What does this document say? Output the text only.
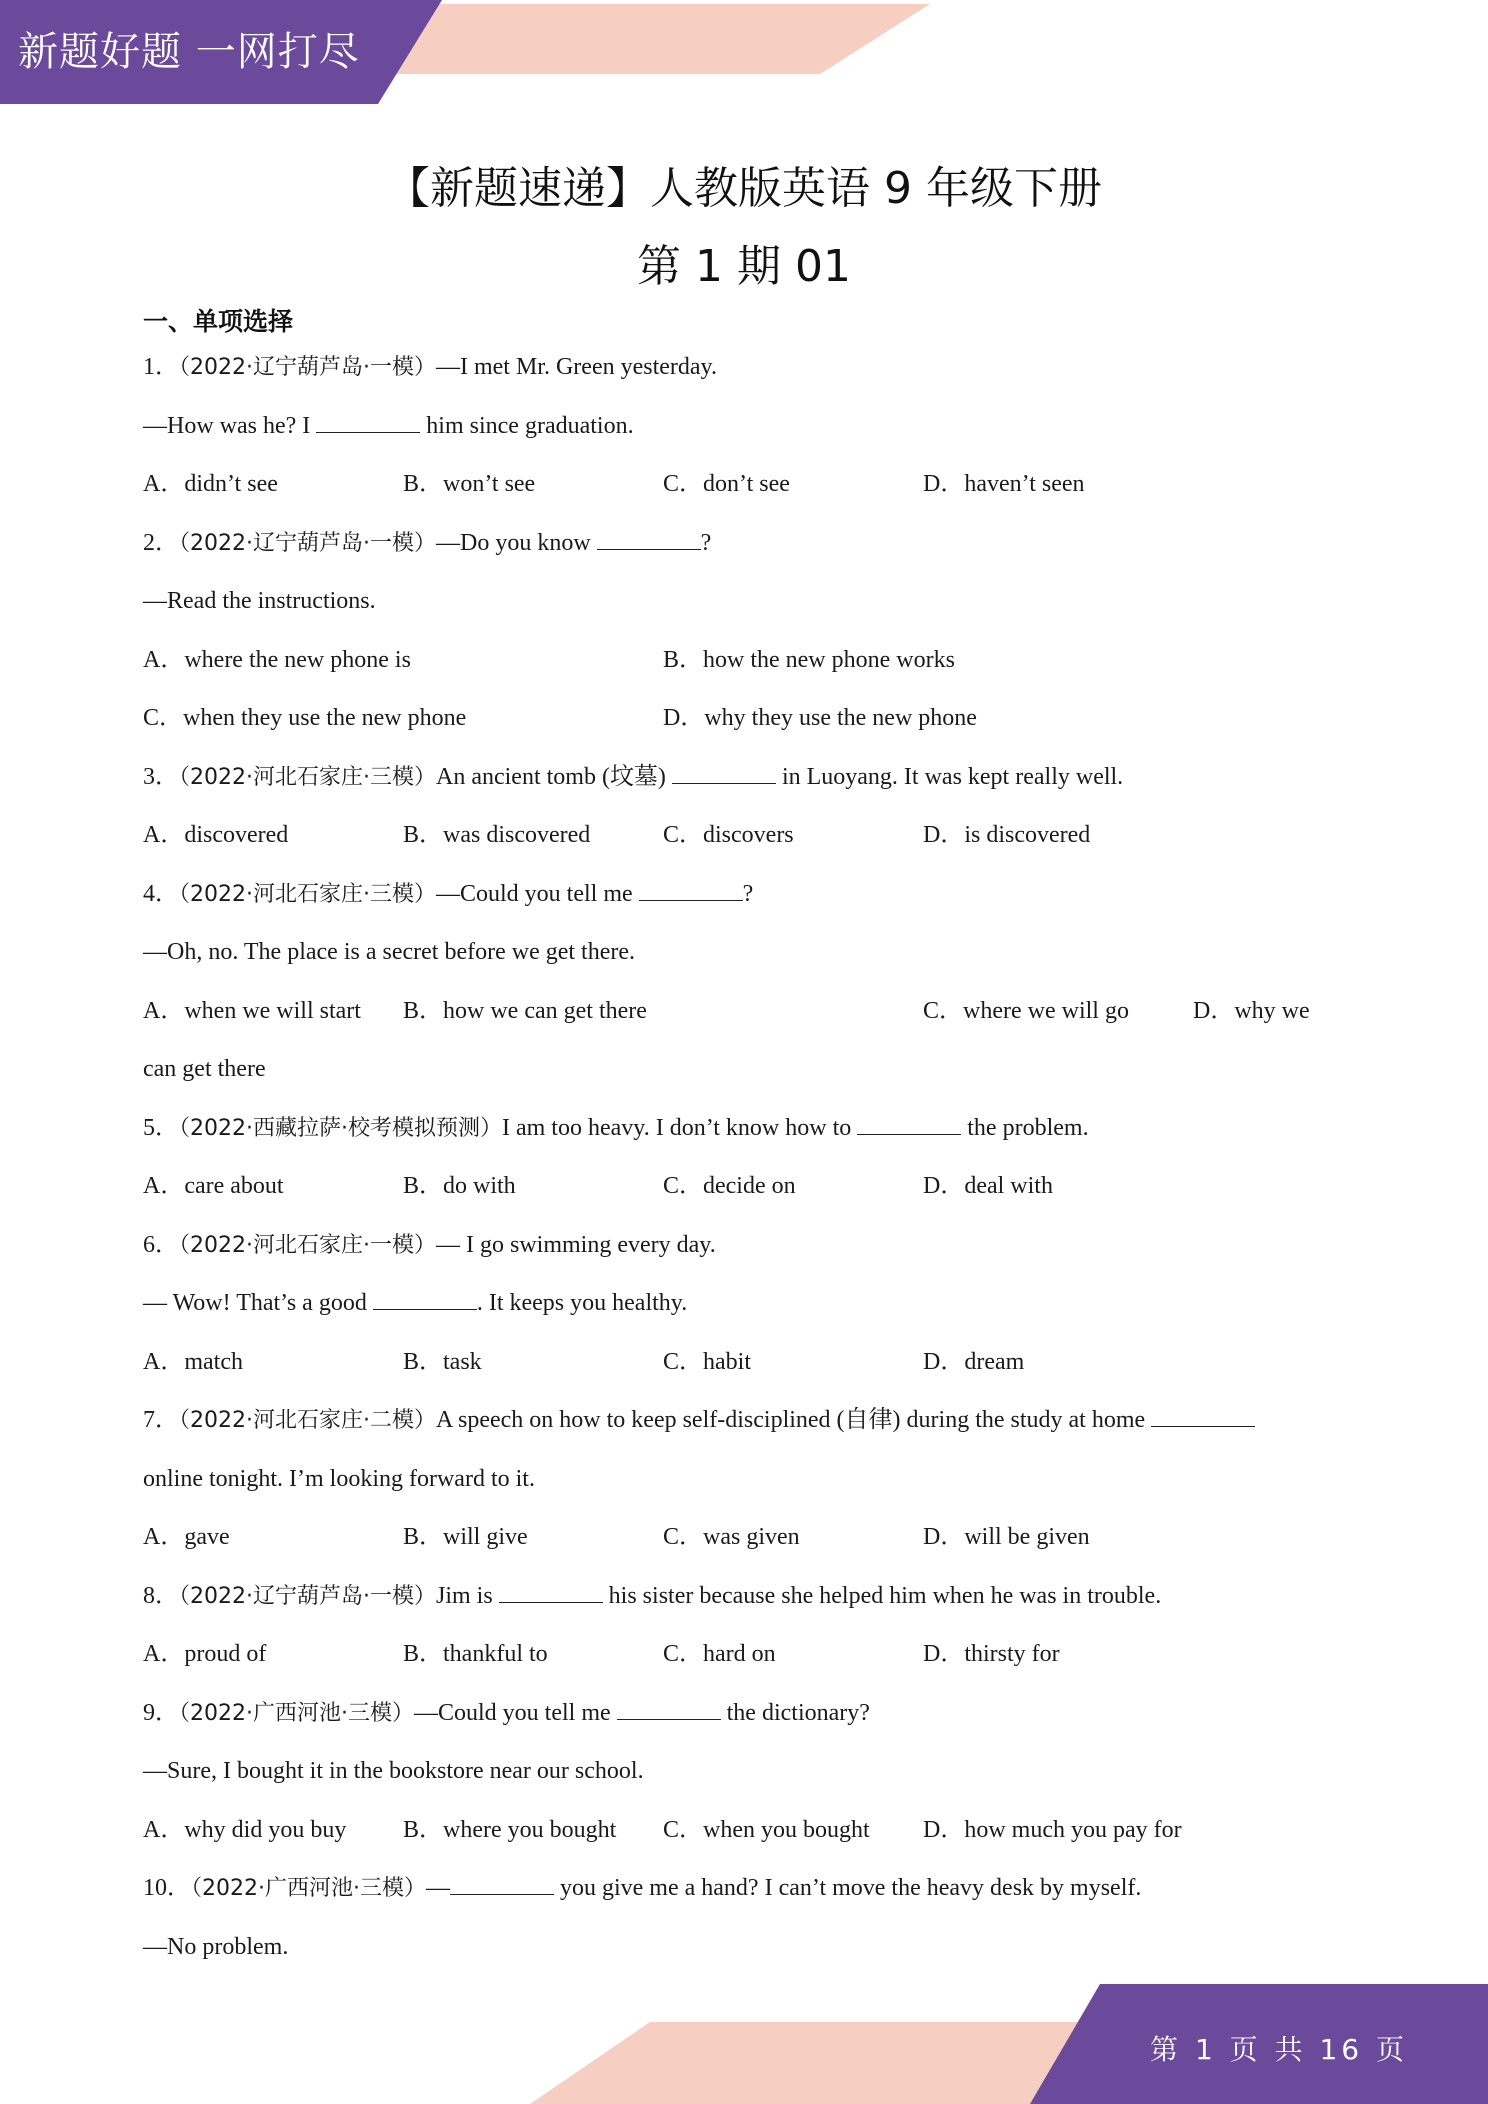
新题好题 一网打尽
【新题速递】人教版英语 9 年级下册
第 1 期 01
一、单项选择
1．（2022·辽宁葫芦岛·一模）—I met Mr. Green yesterday.
—How was he? I	him since graduation.
A．didn’t see	B．won’t see	C．don’t see	D．haven’t seen
2．（2022·辽宁葫芦岛·一模）—Do you know	?
—Read the instructions.
A．where the new phone is	B．how the new phone works
C．when they use the new phone	D．why they use the new phone
3．（2022·河北石家庄·三模）An ancient tomb (坟墓)	in Luoyang. It was kept really well.
A．discovered	B．was discovered	C．discovers	D．is discovered
4．（2022·河北石家庄·三模）—Could you tell me	?
—Oh, no. The place is a secret before we get there.
A．when we will start B．how we can get there	C．where we will go	D．why we
can get there
5．（2022·西藏拉萨·校考模拟预测）I am too heavy. I don’t know how to	the problem.
A．care about	B．do with	C．decide on	D．deal with
6．（2022·河北石家庄·一模）— I go swimming every day.
— Wow! That’s a good	. It keeps you healthy.
A．match	B．task	C．habit	D．dream
7．（2022·河北石家庄·二模）A speech on how to keep self-disciplined (自律) during the study at home
online tonight. I’m looking forward to it.
A．gave	B．will give	C．was given	D．will be given
8．（2022·辽宁葫芦岛·一模）Jim is	his sister because she helped him when he was in trouble.
A．proud of	B．thankful to	C．hard on	D．thirsty for
9．（2022·广西河池·三模）—Could you tell me	the dictionary?
—Sure, I bought it in the bookstore near our school.
A．why did you buy B．where you bought C．when you bought D．how much you pay for
10．（2022·广西河池·三模）—	you give me a hand? I can’t move the heavy desk by myself.
—No problem.
第 1 页 共 16 页
